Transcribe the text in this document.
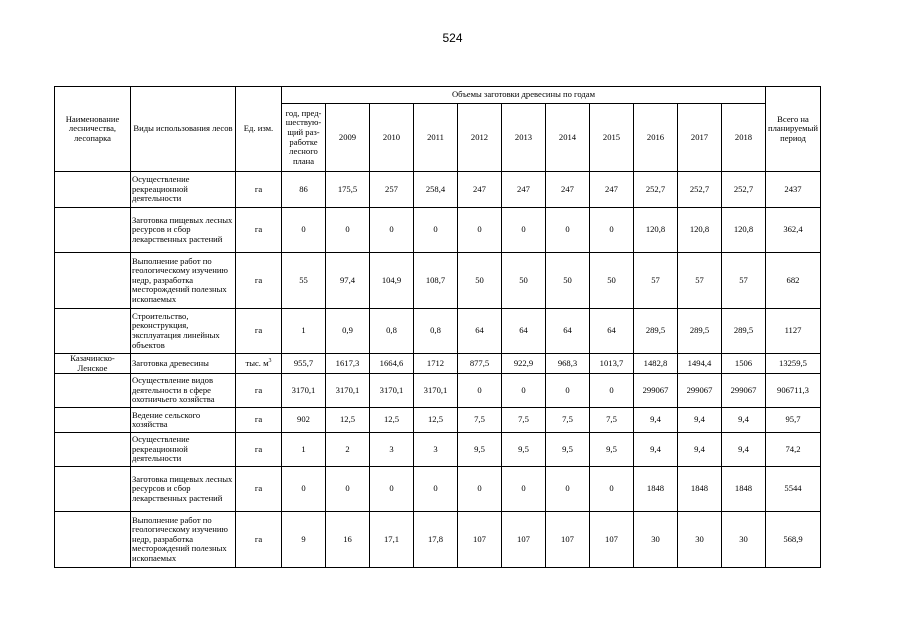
524
Наименование лесничества, лесопарка	Виды использования лесов	Ед. изм.	Объемы заготовки древесины по годам											Всего на планируемый период
			год, пред-шествую-щий раз-работке лесного плана	2009	2010	2011	2012	2013	2014	2015	2016	2017	2018	
	Осуществление рекреационной деятельности	га	86	175,5	257	258,4	247	247	247	247	252,7	252,7	252,7	2437
	Заготовка пищевых лесных ресурсов и сбор лекарственных растений	га	0	0	0	0	0	0	0	0	120,8	120,8	120,8	362,4
	Выполнение работ по геологическому изучению недр, разработка месторождений полезных ископаемых	га	55	97,4	104,9	108,7	50	50	50	50	57	57	57	682
	Строительство, реконструкция, эксплуатация линейных объектов	га	1	0,9	0,8	0,8	64	64	64	64	289,5	289,5	289,5	1127
Казачинско-Ленское	Заготовка древесины	тыс. $м^3$	955,7	1617,3	1664,6	1712	877,5	922,9	968,3	1013,7	1482,8	1494,4	1506	13259,5
	Осуществление видов деятельности в сфере охотничьего хозяйства	га	3170,1	3170,1	3170,1	3170,1	0	0	0	0	299067	299067	299067	906711,3
	Ведение сельского хозяйства	га	902	12,5	12,5	12,5	7,5	7,5	7,5	7,5	9,4	9,4	9,4	95,7
	Осуществление рекреационной деятельности	га	1	2	3	3	9,5	9,5	9,5	9,5	9,4	9,4	9,4	74,2
	Заготовка пищевых лесных ресурсов и сбор лекарственных растений	га	0	0	0	0	0	0	0	0	1848	1848	1848	5544
	Выполнение работ по геологическому изучению недр, разработка месторождений полезных ископаемых	га	9	16	17,1	17,8	107	107	107	107	30	30	30	568,9
